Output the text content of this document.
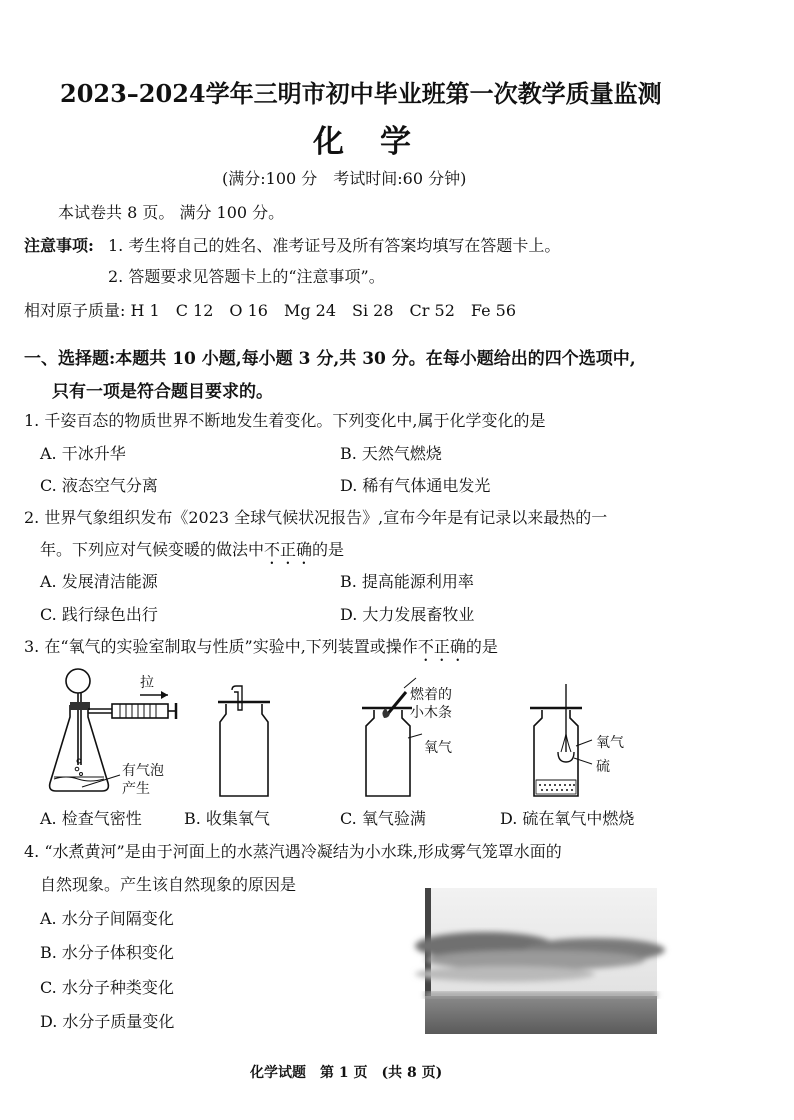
2023–2024学年三明市初中毕业班第一次教学质量监测
化学
(满分:100 分　考试时间:60 分钟)
本试卷共 8 页。 满分 100 分。
注意事项: 1. 考生将自己的姓名、准考证号及所有答案均填写在答题卡上。
2. 答题要求见答题卡上的“注意事项”。
相对原子质量: H 1　C 12　O 16　Mg 24　Si 28　Cr 52　Fe 56
一、选择题:本题共 10 小题,每小题 3 分,共 30 分。在每小题给出的四个选项中,
只有一项是符合题目要求的。
1. 千姿百态的物质世界不断地发生着变化。下列变化中,属于化学变化的是
A. 干冰升华	B. 天然气燃烧
C. 液态空气分离	D. 稀有气体通电发光
2. 世界气象组织发布《2023 全球气候状况报告》,宣布今年是有记录以来最热的一
年。下列应对气候变暖的做法中不正确的是
A. 发展清洁能源	B. 提高能源利用率
C. 践行绿色出行	D. 大力发展畜牧业
3. 在“氧气的实验室制取与性质”实验中,下列装置或操作不正确的是
拉
有气泡
产生
燃着的
小木条
氧气	氧气
硫
A. 检查气密性	B. 收集氧气	C. 氧气验满	D. 硫在氧气中燃烧
4. “水煮黄河”是由于河面上的水蒸汽遇冷凝结为小水珠,形成雾气笼罩水面的
自然现象。产生该自然现象的原因是
A. 水分子间隔变化
B. 水分子体积变化
C. 水分子种类变化
D. 水分子质量变化
化学试题　第 1 页　(共 8 页)
